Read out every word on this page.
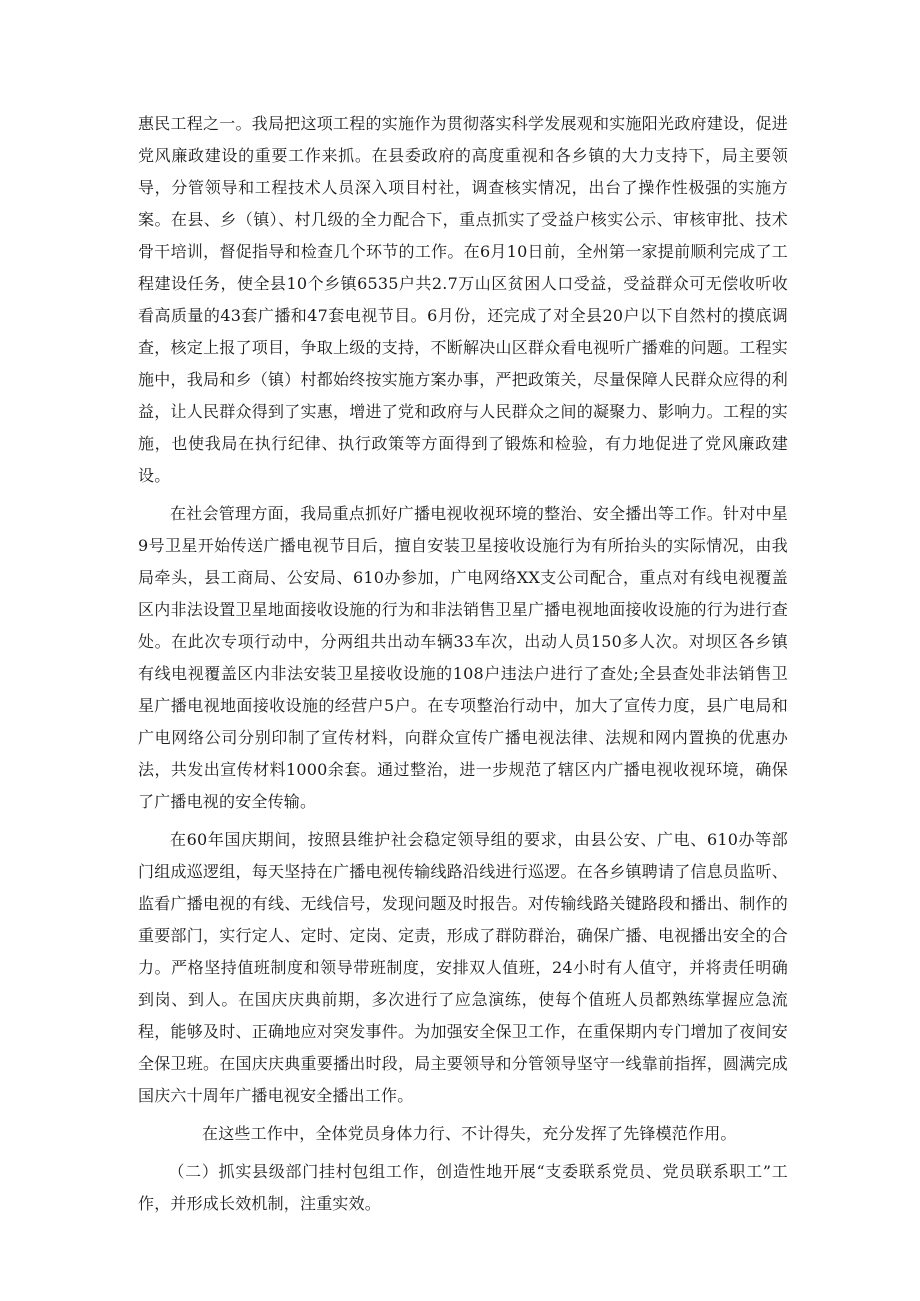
惠民工程之一。我局把这项工程的实施作为贯彻落实科学发展观和实施阳光政府建设，促进党风廉政建设的重要工作来抓。在县委政府的高度重视和各乡镇的大力支持下，局主要领导，分管领导和工程技术人员深入项目村社，调查核实情况，出台了操作性极强的实施方案。在县、乡（镇）、村几级的全力配合下，重点抓实了受益户核实公示、审核审批、技术骨干培训，督促指导和检查几个环节的工作。在6月10日前，全州第一家提前顺利完成了工程建设任务，使全县10个乡镇6535户共2.7万山区贫困人口受益，受益群众可无偿收听收看高质量的43套广播和47套电视节目。6月份，还完成了对全县20户以下自然村的摸底调查，核定上报了项目，争取上级的支持，不断解决山区群众看电视听广播难的问题。工程实施中，我局和乡（镇）村都始终按实施方案办事，严把政策关，尽量保障人民群众应得的利益，让人民群众得到了实惠，增进了党和政府与人民群众之间的凝聚力、影响力。工程的实施，也使我局在执行纪律、执行政策等方面得到了锻炼和检验，有力地促进了党风廉政建设。

在社会管理方面，我局重点抓好广播电视收视环境的整治、安全播出等工作。针对中星9号卫星开始传送广播电视节目后，擅自安装卫星接收设施行为有所抬头的实际情况，由我局牵头，县工商局、公安局、610办参加，广电网络XX支公司配合，重点对有线电视覆盖区内非法设置卫星地面接收设施的行为和非法销售卫星广播电视地面接收设施的行为进行查处。在此次专项行动中，分两组共出动车辆33车次，出动人员150多人次。对坝区各乡镇有线电视覆盖区内非法安装卫星接收设施的108户违法户进行了查处;全县查处非法销售卫星广播电视地面接收设施的经营户5户。在专项整治行动中，加大了宣传力度，县广电局和广电网络公司分别印制了宣传材料，向群众宣传广播电视法律、法规和网内置换的优惠办法，共发出宣传材料1000余套。通过整治，进一步规范了辖区内广播电视收视环境，确保了广播电视的安全传输。

在60年国庆期间，按照县维护社会稳定领导组的要求，由县公安、广电、610办等部门组成巡逻组，每天坚持在广播电视传输线路沿线进行巡逻。在各乡镇聘请了信息员监听、监看广播电视的有线、无线信号，发现问题及时报告。对传输线路关键路段和播出、制作的重要部门，实行定人、定时、定岗、定责，形成了群防群治，确保广播、电视播出安全的合力。严格坚持值班制度和领导带班制度，安排双人值班，24小时有人值守，并将责任明确到岗、到人。在国庆庆典前期，多次进行了应急演练，使每个值班人员都熟练掌握应急流程，能够及时、正确地应对突发事件。为加强安全保卫工作，在重保期内专门增加了夜间安全保卫班。在国庆庆典重要播出时段，局主要领导和分管领导坚守一线靠前指挥，圆满完成国庆六十周年广播电视安全播出工作。

在这些工作中，全体党员身体力行、不计得失，充分发挥了先锋模范作用。

（二）抓实县级部门挂村包组工作，创造性地开展“支委联系党员、党员联系职工”工作，并形成长效机制，注重实效。
